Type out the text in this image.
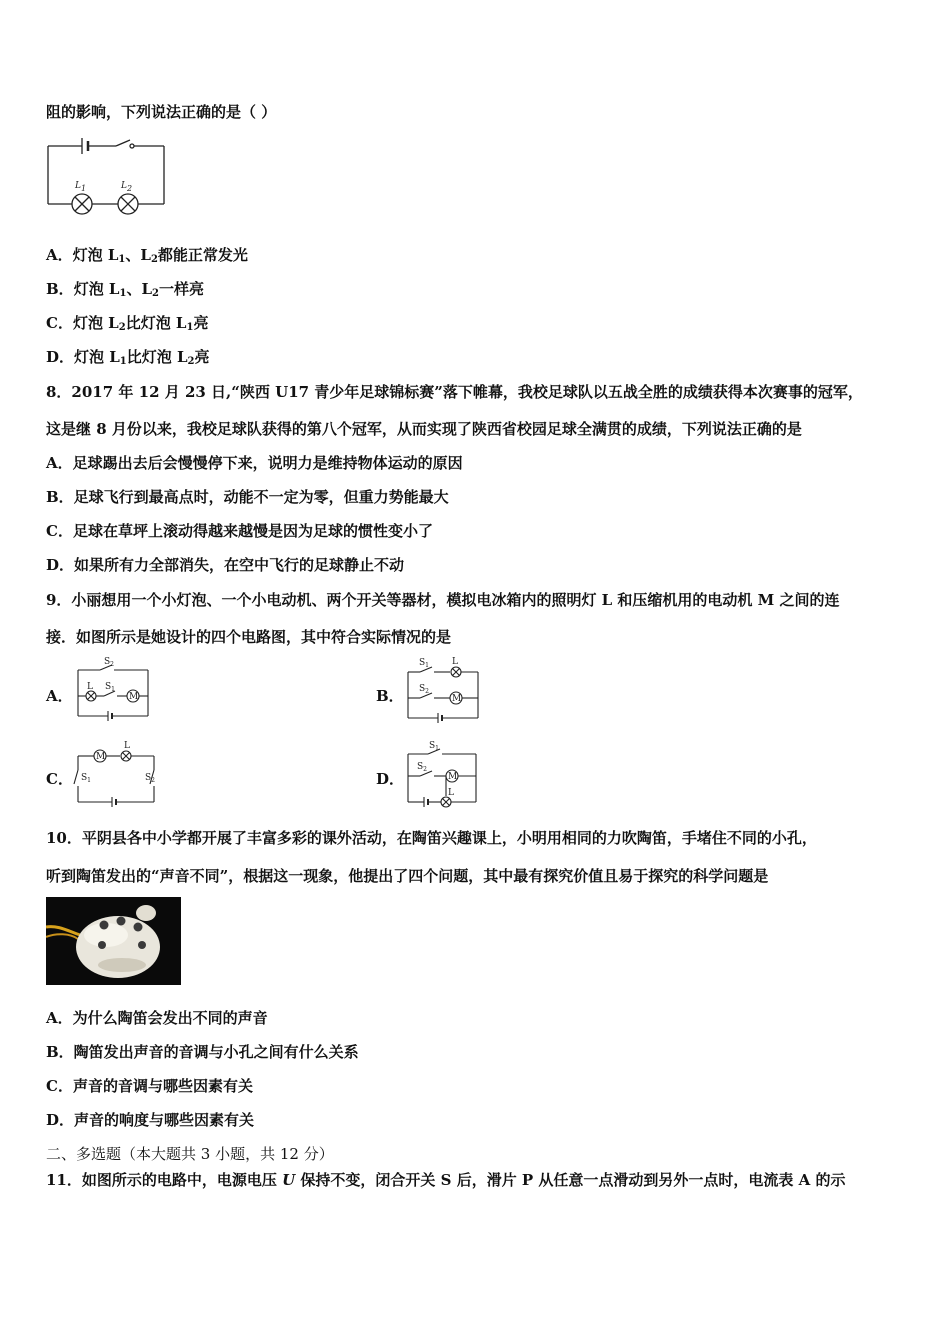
阻的影响，下列说法正确的是（ ）
L1	L2
A．灯泡 $L_1$、$L_2$都能正常发光
B．灯泡 $L_1$、$L_2$一样亮
C．灯泡 $L_2$比灯泡 $L_1$亮
D．灯泡 $L_1$比灯泡 $L_2$亮
8．2017 年 12 月 23 日,“陕西 U17 青少年足球锦标赛”落下帷幕，我校足球队以五战全胜的成绩获得本次赛事的冠军，
这是继 8 月份以来，我校足球队获得的第八个冠军，从而实现了陕西省校园足球全满贯的成绩，下列说法正确的是
A．足球踢出去后会慢慢停下来，说明力是维持物体运动的原因
B．足球飞行到最高点时，动能不一定为零，但重力势能最大
C．足球在草坪上滚动得越来越慢是因为足球的惯性变小了
D．如果所有力全部消失，在空中飞行的足球静止不动
9．小丽想用一个小灯泡、一个小电动机、两个开关等器材，模拟电冰箱内的照明灯 L 和压缩机用的电动机 M 之间的连
接．如图所示是她设计的四个电路图，其中符合实际情况的是
A．
$S_2$
L $S_1$
M	B．
$S_1$	L
$S_2$
M
C．
M
L
$S_1$	$S_2$	D．
$S_1$
$S_2$
M
L
10．平阴县各中小学都开展了丰富多彩的课外活动，在陶笛兴趣课上，小明用相同的力吹陶笛，手堵住不同的小孔，
听到陶笛发出的“声音不同”，根据这一现象，他提出了四个问题，其中最有探究价值且易于探究的科学问题是
A．为什么陶笛会发出不同的声音
B．陶笛发出声音的音调与小孔之间有什么关系
C．声音的音调与哪些因素有关
D．声音的响度与哪些因素有关
二、多选题（本大题共 3 小题，共 12 分）
11．如图所示的电路中，电源电压 U 保持不变，闭合开关 S 后，滑片 P 从任意一点滑动到另外一点时，电流表 A 的示
